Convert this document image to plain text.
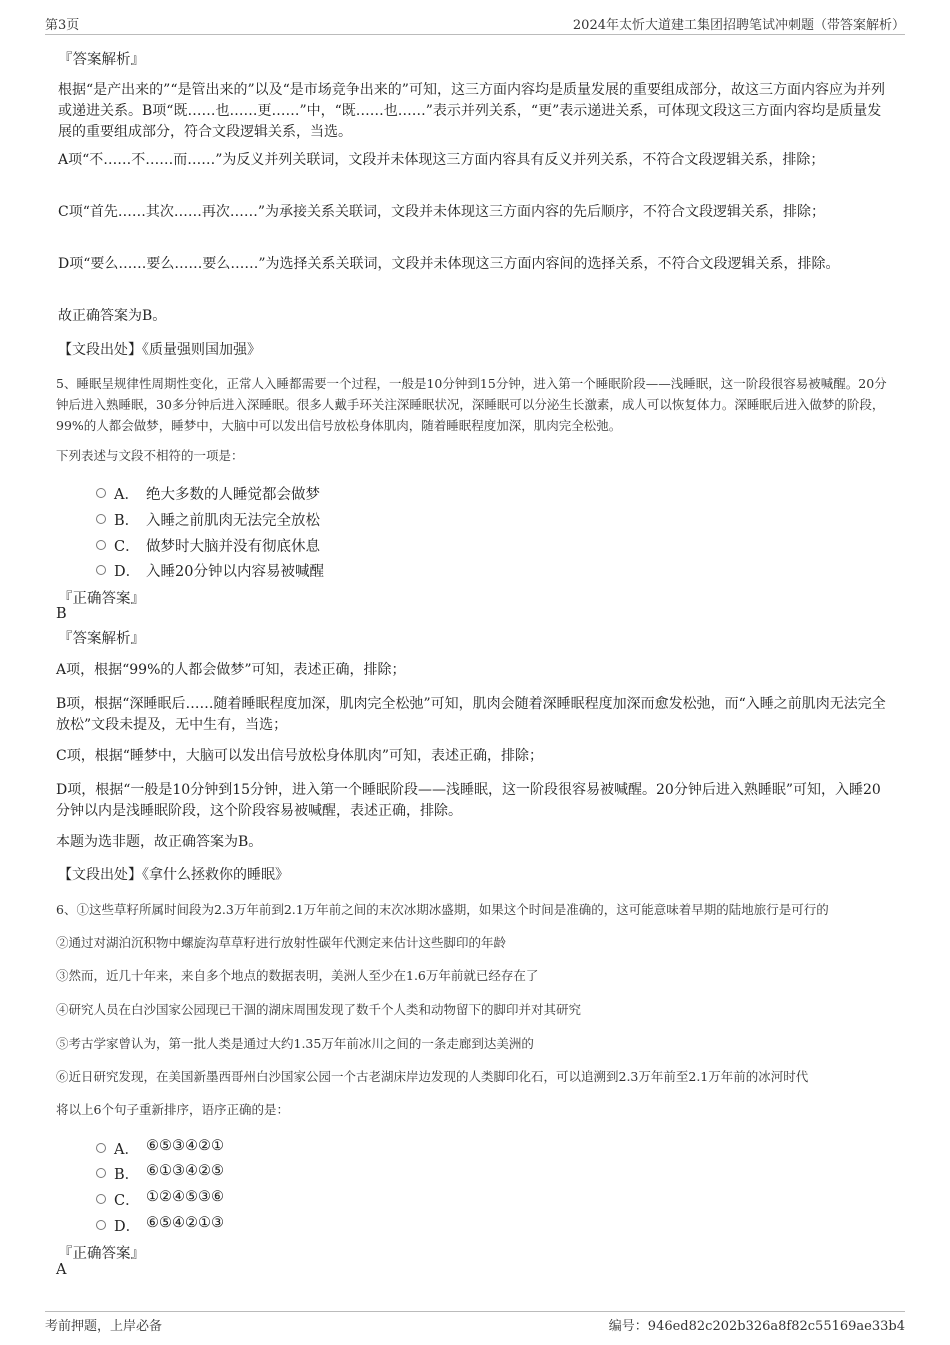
第3页	2024年太忻大道建工集团招聘笔试冲刺题（带答案解析）
『答案解析』
根据“是产出来的”“是管出来的”以及“是市场竞争出来的”可知，这三方面内容均是质量发展的重要组成部分，故这三方面内容应为并列或递进关系。B项“既……也……更……”中，“既……也……”表示并列关系，“更”表示递进关系，可体现文段这三方面内容均是质量发展的重要组成部分，符合文段逻辑关系，当选。
A项“不……不……而……”为反义并列关联词，文段并未体现这三方面内容具有反义并列关系，不符合文段逻辑关系，排除；
C项“首先……其次……再次……”为承接关系关联词，文段并未体现这三方面内容的先后顺序，不符合文段逻辑关系，排除；
D项“要么……要么……要么……”为选择关系关联词，文段并未体现这三方面内容间的选择关系，不符合文段逻辑关系，排除。
故正确答案为B。
【文段出处】《质量强则国加强》
5、睡眠呈规律性周期性变化，正常人入睡都需要一个过程，一般是10分钟到15分钟，进入第一个睡眠阶段——浅睡眠，这一阶段很容易被喊醒。20分钟后进入熟睡眠，30多分钟后进入深睡眠。很多人戴手环关注深睡眠状况，深睡眠可以分泌生长激素，成人可以恢复体力。深睡眠后进入做梦的阶段，99%的人都会做梦，睡梦中，大脑中可以发出信号放松身体肌肉，随着睡眠程度加深，肌肉完全松弛。
下列表述与文段不相符的一项是：
A． 绝大多数的人睡觉都会做梦
B． 入睡之前肌肉无法完全放松
C． 做梦时大脑并没有彻底休息
D． 入睡20分钟以内容易被喊醒
『正确答案』
B
『答案解析』
A项，根据“99%的人都会做梦”可知，表述正确，排除；
B项，根据“深睡眠后……随着睡眠程度加深，肌肉完全松弛”可知，肌肉会随着深睡眠程度加深而愈发松弛，而“入睡之前肌肉无法完全放松”文段未提及，无中生有，当选；
C项，根据“睡梦中，大脑可以发出信号放松身体肌肉”可知，表述正确，排除；
D项，根据“一般是10分钟到15分钟，进入第一个睡眠阶段——浅睡眠，这一阶段很容易被喊醒。20分钟后进入熟睡眠”可知，入睡20分钟以内是浅睡眠阶段，这个阶段容易被喊醒，表述正确，排除。
本题为选非题，故正确答案为B。
【文段出处】《拿什么拯救你的睡眠》
6、①这些草籽所属时间段为2.3万年前到2.1万年前之间的末次冰期冰盛期，如果这个时间是准确的，这可能意味着早期的陆地旅行是可行的
②通过对湖泊沉积物中螺旋沟草草籽进行放射性碳年代测定来估计这些脚印的年龄
③然而，近几十年来，来自多个地点的数据表明，美洲人至少在1.6万年前就已经存在了
④研究人员在白沙国家公园现已干涸的湖床周围发现了数千个人类和动物留下的脚印并对其研究
⑤考古学家曾认为，第一批人类是通过大约1.35万年前冰川之间的一条走廊到达美洲的
⑥近日研究发现，在美国新墨西哥州白沙国家公园一个古老湖床岸边发现的人类脚印化石，可以追溯到2.3万年前至2.1万年前的冰河时代
将以上6个句子重新排序，语序正确的是：
A． ⑥⑤③④②①
B． ⑥①③④②⑤
C． ①②④⑤③⑥
D． ⑥⑤④②①③
『正确答案』
A
考前押题，上岸必备	编号：946ed82c202b326a8f82c55169ae33b4
